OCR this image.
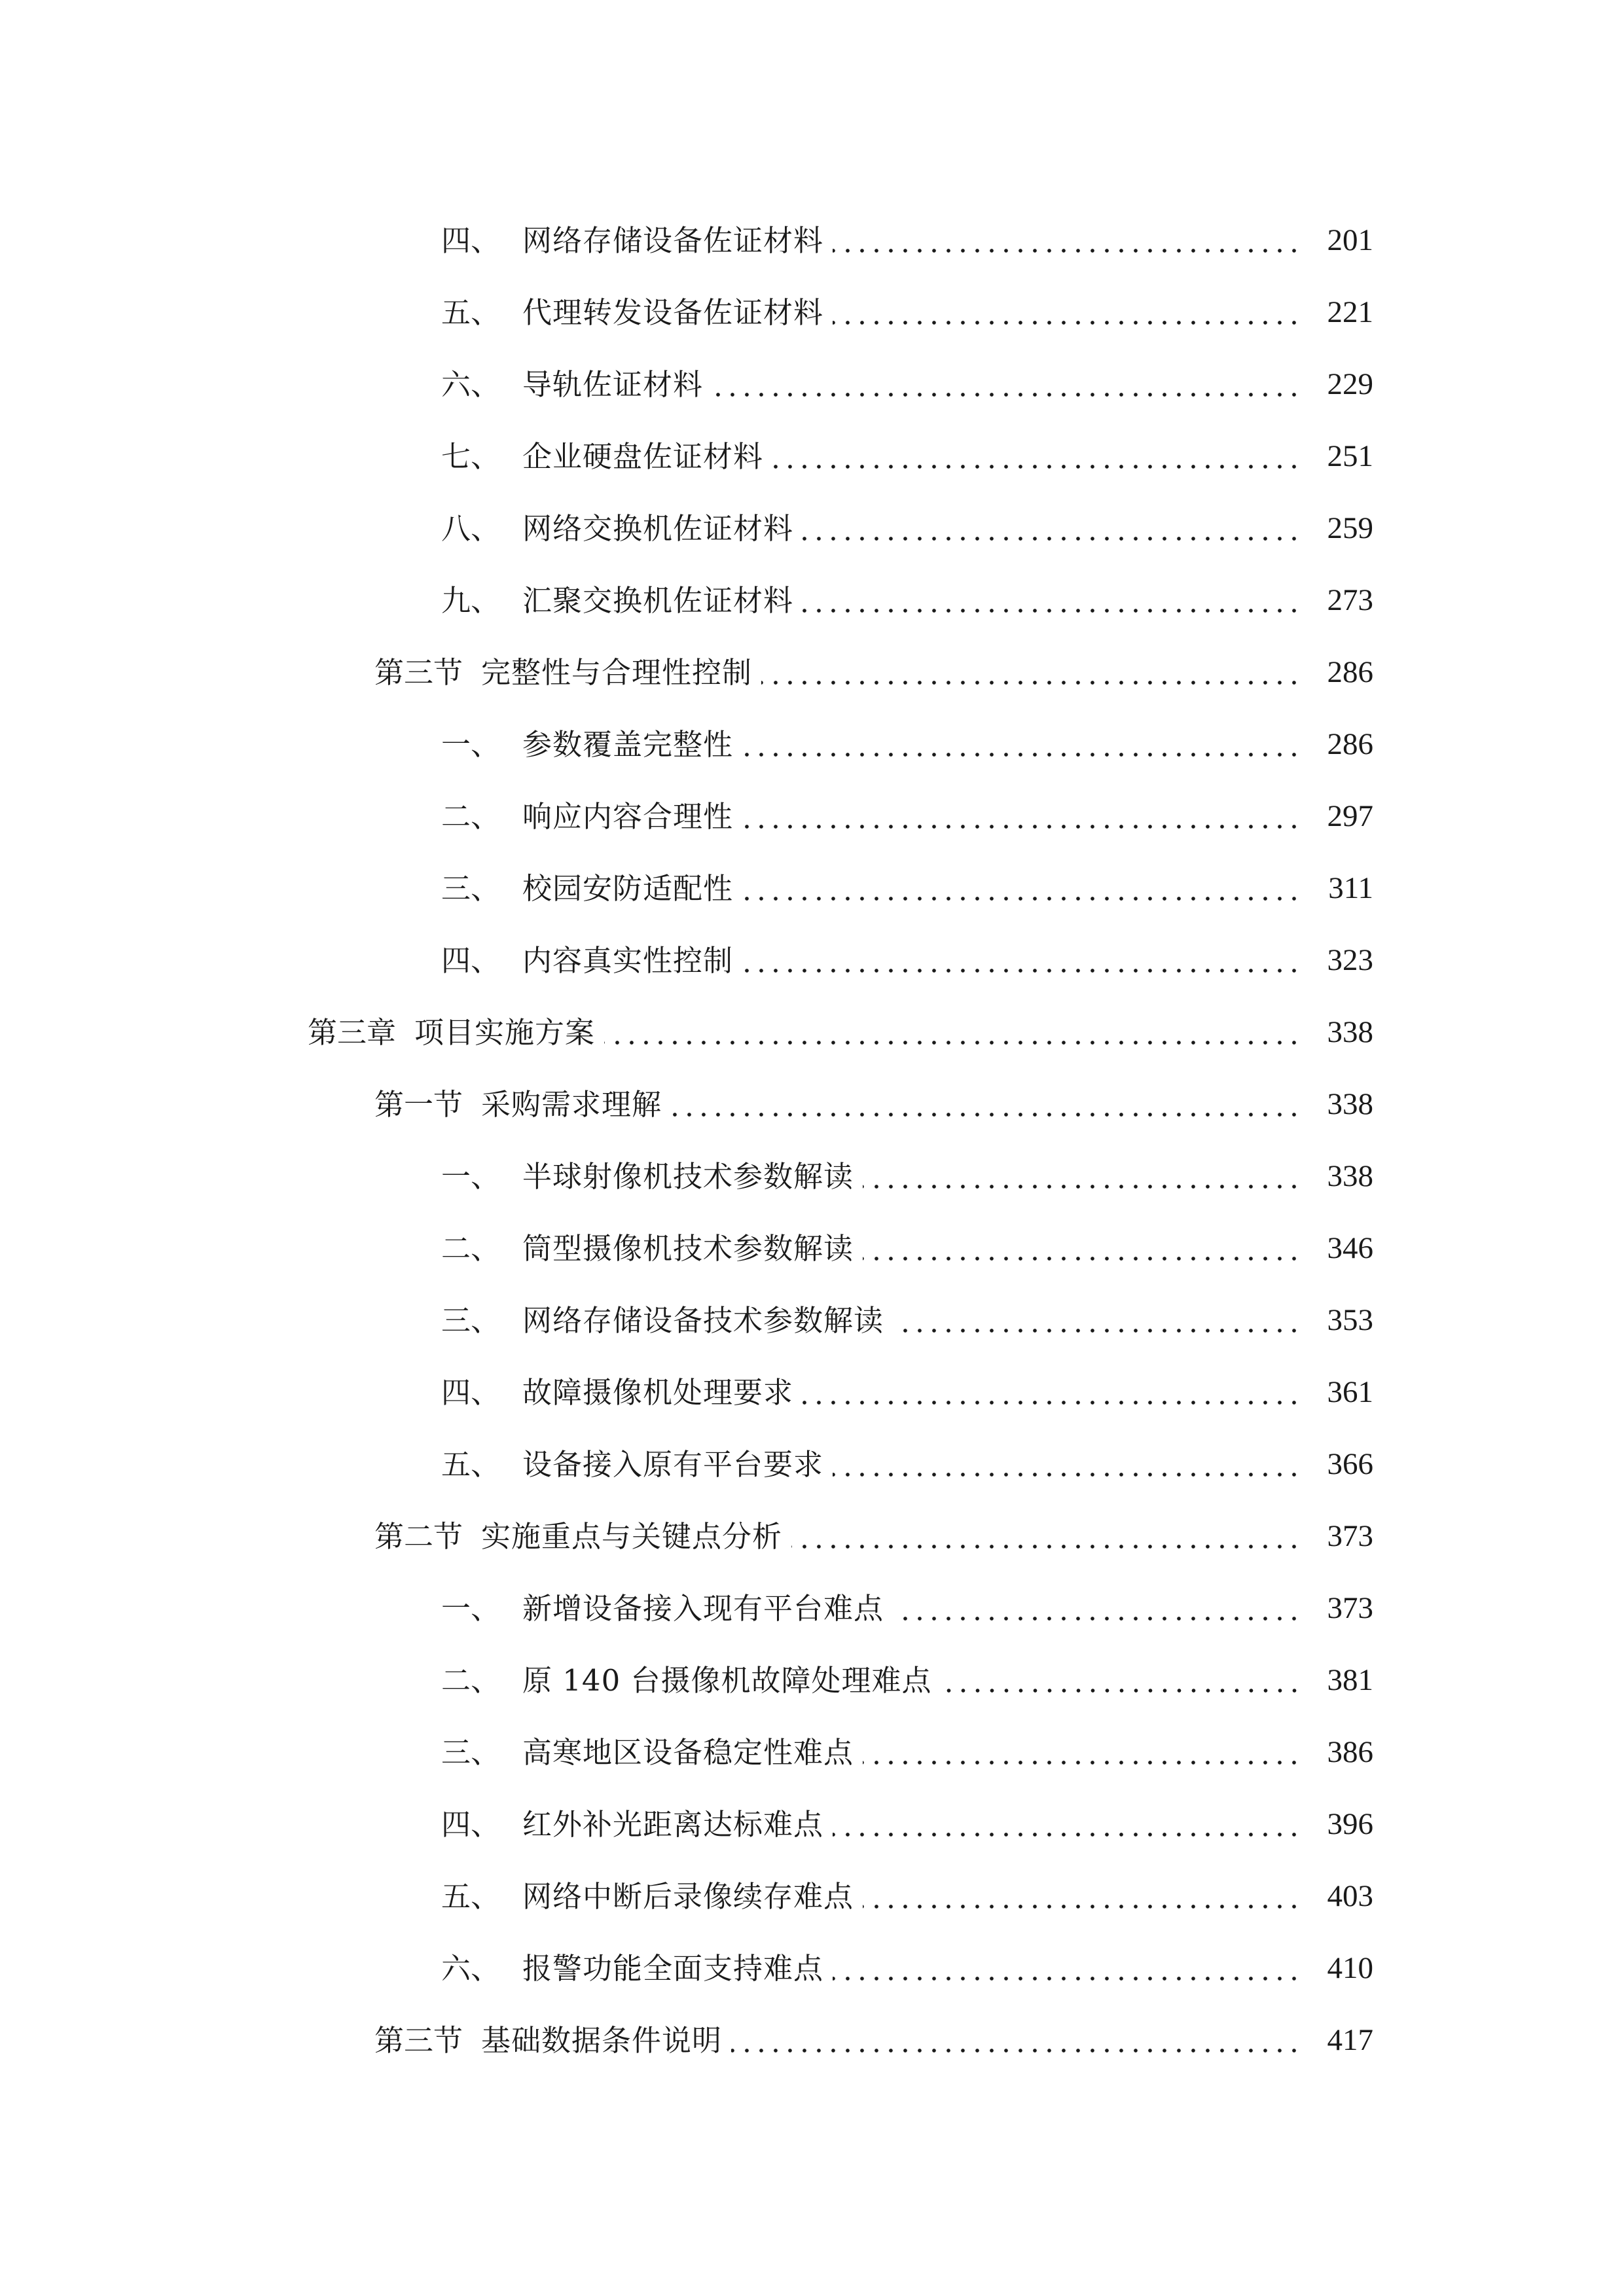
四、 网络存储设备佐证材料	201
五、 代理转发设备佐证材料	221
六、 导轨佐证材料	229
七、 企业硬盘佐证材料	251
八、 网络交换机佐证材料	259
九、 汇聚交换机佐证材料	273
第三节 完整性与合理性控制	286
一、 参数覆盖完整性	286
二、 响应内容合理性	297
三、 校园安防适配性	311
四、 内容真实性控制	323
第三章 项目实施方案	338
第一节 采购需求理解	338
一、 半球射像机技术参数解读	338
二、 筒型摄像机技术参数解读	346
三、 网络存储设备技术参数解读	353
四、 故障摄像机处理要求	361
五、 设备接入原有平台要求	366
第二节 实施重点与关键点分析	373
一、 新增设备接入现有平台难点	373
二、 原 140 台摄像机故障处理难点	381
三、 高寒地区设备稳定性难点	386
四、 红外补光距离达标难点	396
五、 网络中断后录像续存难点	403
六、 报警功能全面支持难点	410
第三节 基础数据条件说明	417
